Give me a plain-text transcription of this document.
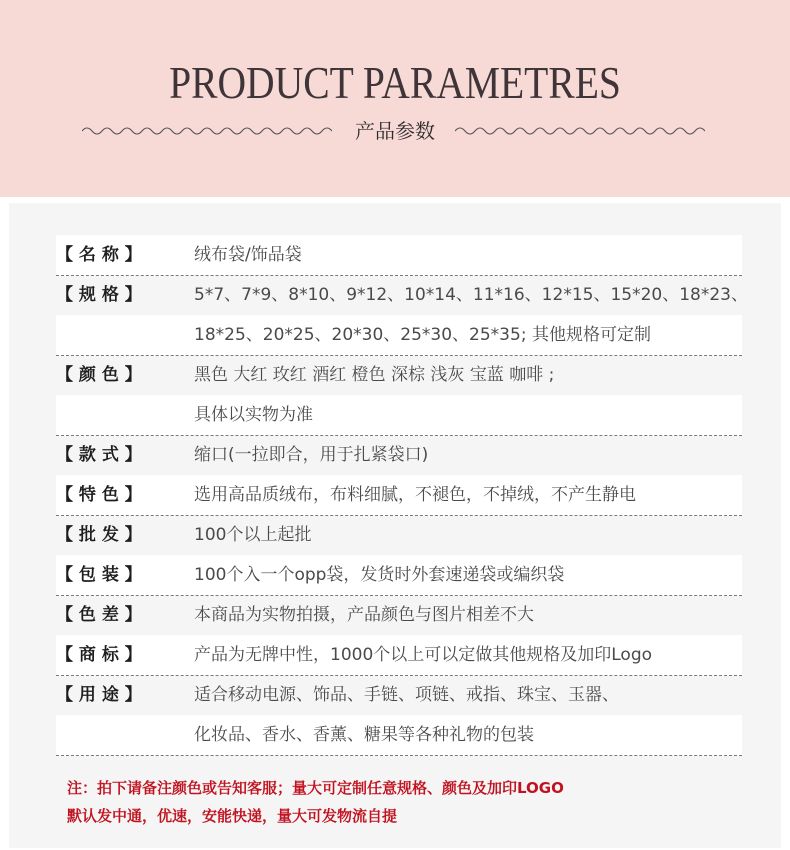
PRODUCT PARAMETRES
产品参数
【 名 称 】	绒布袋/饰品袋
【 规 格 】	5*7、7*9、8*10、9*12、10*14、11*16、12*15、15*20、18*23、
18*25、20*25、20*30、25*30、25*35; 其他规格可定制
【 颜 色 】	黑色 大红 玫红 酒红 橙色 深棕 浅灰 宝蓝 咖啡 ;
具体以实物为准
【 款 式 】	缩口(一拉即合，用于扎紧袋口)
【 特 色 】	选用高品质绒布，布料细腻，不褪色，不掉绒，不产生静电
【 批 发 】	100个以上起批
【 包 装 】	100个入一个opp袋，发货时外套速递袋或编织袋
【 色 差 】	本商品为实物拍摄，产品颜色与图片相差不大
【 商 标 】	产品为无牌中性，1000个以上可以定做其他规格及加印Logo
【 用 途 】	适合移动电源、饰品、手链、项链、戒指、珠宝、玉器、
化妆品、香水、香薰、糖果等各种礼物的包装
注：拍下请备注颜色或告知客服；量大可定制任意规格、颜色及加印LOGO
默认发中通，优速，安能快递，量大可发物流自提
